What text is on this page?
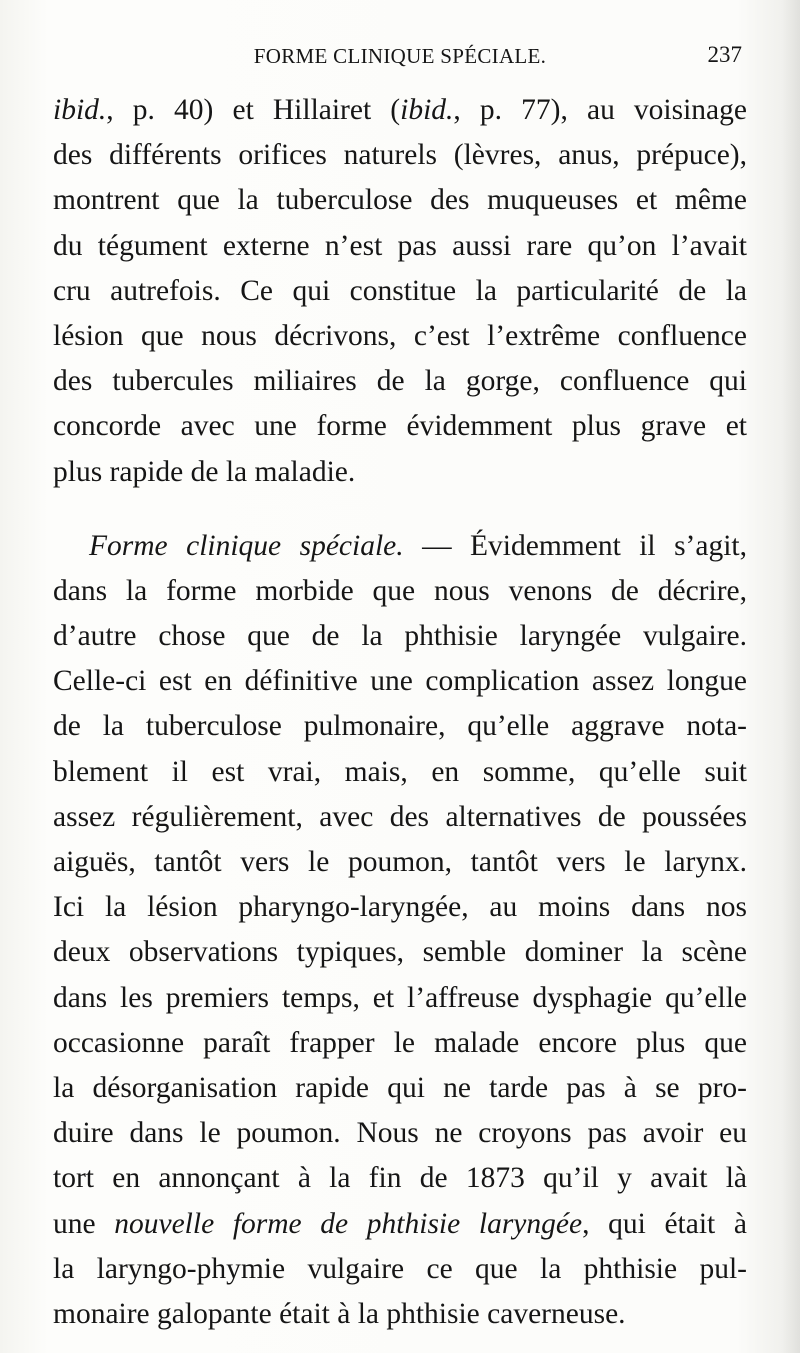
FORME CLINIQUE SPÉCIALE.	237
ibid., p. 40) et Hillairet (ibid., p. 77), au voisinage
des différents orifices naturels (lèvres, anus, prépuce),
montrent que la tuberculose des muqueuses et même
du tégument externe n’est pas aussi rare qu’on l’avait
cru autrefois. Ce qui constitue la particularité de la
lésion que nous décrivons, c’est l’extrême confluence
des tubercules miliaires de la gorge, confluence qui
concorde avec une forme évidemment plus grave et
plus rapide de la maladie.
Forme clinique spéciale. — Évidemment il s’agit,
dans la forme morbide que nous venons de décrire,
d’autre chose que de la phthisie laryngée vulgaire.
Celle-ci est en définitive une complication assez longue
de la tuberculose pulmonaire, qu’elle aggrave nota-
blement il est vrai, mais, en somme, qu’elle suit
assez régulièrement, avec des alternatives de poussées
aiguës, tantôt vers le poumon, tantôt vers le larynx.
Ici la lésion pharyngo-laryngée, au moins dans nos
deux observations typiques, semble dominer la scène
dans les premiers temps, et l’affreuse dysphagie qu’elle
occasionne paraît frapper le malade encore plus que
la désorganisation rapide qui ne tarde pas à se pro-
duire dans le poumon. Nous ne croyons pas avoir eu
tort en annonçant à la fin de 1873 qu’il y avait là
une nouvelle forme de phthisie laryngée, qui était à
la laryngo-phymie vulgaire ce que la phthisie pul-
monaire galopante était à la phthisie caverneuse.
